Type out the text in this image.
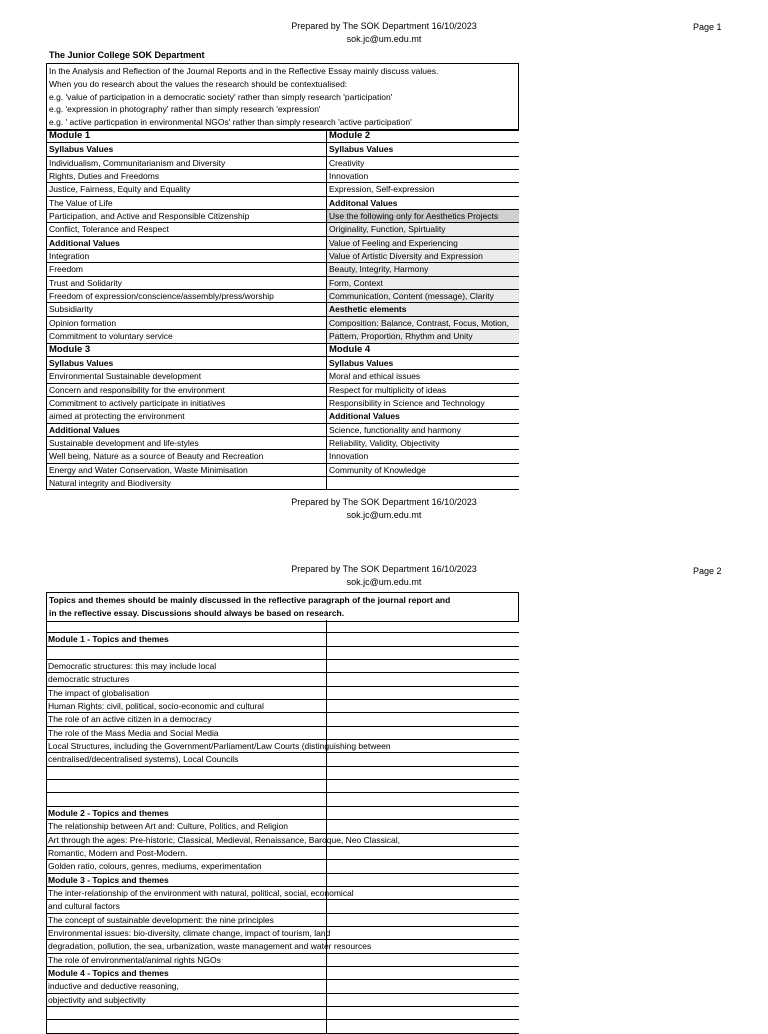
Prepared by The SOK Department 16/10/2023
sok.jc@um.edu.mt
Page 1
The Junior College SOK Department
In the Analysis and Reflection of the Journal Reports and in the Reflective Essay mainly discuss values.
When you do research about the values the research should be contextualised:
e.g. 'value of participation in a democratic society' rather than simply research 'participation'
e.g. 'expression in photography' rather than simply research 'expression'
e.g. ' active particpation in environmental NGOs' rather than simply research 'active participation'
Module 1	Module 2
Syllabus Values	Syllabus Values
Individualism, Communitarianism and Diversity	Creativity
Rights, Duties and Freedoms	Innovation
Justice, Fairness, Equity and Equality	Expression, Self-expression
The Value of Life	Additonal Values
Participation, and Active and Responsible Citizenship	Use the following only for Aesthetics Projects
Conflict, Tolerance and Respect	Originality, Function, Spirtuality
Additional Values	Value of Feeling and Experiencing
Integration	Value of Artistic Diversity and Expression
Freedom	Beauty, Integrity, Harmony
Trust and Solidarity	Form, Context
Freedom of expression/conscience/assembly/press/worship	Communication, Content (message), Clarity
Subsidiarity	Aesthetic elements
Opinion formation	Composition: Balance, Contrast, Focus, Motion,
Commitment to voluntary service	Pattern, Proportion, Rhythm and Unity
Module 3	Module 4
Syllabus Values	Syllabus Values
Environmental Sustainable development	Moral and ethical issues
Concern and responsibility for the environment	Respect for multiplicity of ideas
Commitment to actively participate in initiatives	Responsibility in Science and Technology
aimed at protecting the environment	Additional Values
Additional Values	Science, functionality and harmony
Sustainable development and life-styles	Reliability, Validity, Objectivity
Well being, Nature as a source of Beauty and Recreation	Innovation
Energy and Water Conservation, Waste Minimisation	Community of Knowledge
Natural integrity and Biodiversity
Prepared by The SOK Department 16/10/2023
sok.jc@um.edu.mt
Prepared by The SOK Department 16/10/2023
sok.jc@um.edu.mt
Page 2
Topics and themes should be mainly discussed in the reflective paragraph of the journal report and
in the reflective essay. Discussions should always be based on research.
Module 1 - Topics and themes
Democratic structures: this may include local
democratic structures
The impact of globalisation
Human Rights: civil, political, socio-economic and cultural
The role of an active citizen in a democracy
The role of the Mass Media and Social Media
Local Structures, including the Government/Parliament/Law Courts (distinguishing between
centralised/decentralised systems), Local Councils
Module 2 - Topics and themes
The relationship between Art and: Culture, Politics, and Religion
Art through the ages: Pre-historic, Classical, Medieval, Renaissance, Baroque, Neo Classical,
Romantic, Modern and Post-Modern.
Golden ratio, colours, genres, mediums, experimentation
Module 3 - Topics and themes
The inter-relationship of the environment with natural, political, social, economical
and cultural factors
The concept of sustainable development: the nine principles
Environmental issues: bio-diversity, climate change, impact of tourism, land
degradation, pollution, the sea, urbanization, waste management and water resources
The role of environmental/animal rights NGOs
Module 4 - Topics and themes
inductive and deductive reasoning,
objectivity and subjectivity
